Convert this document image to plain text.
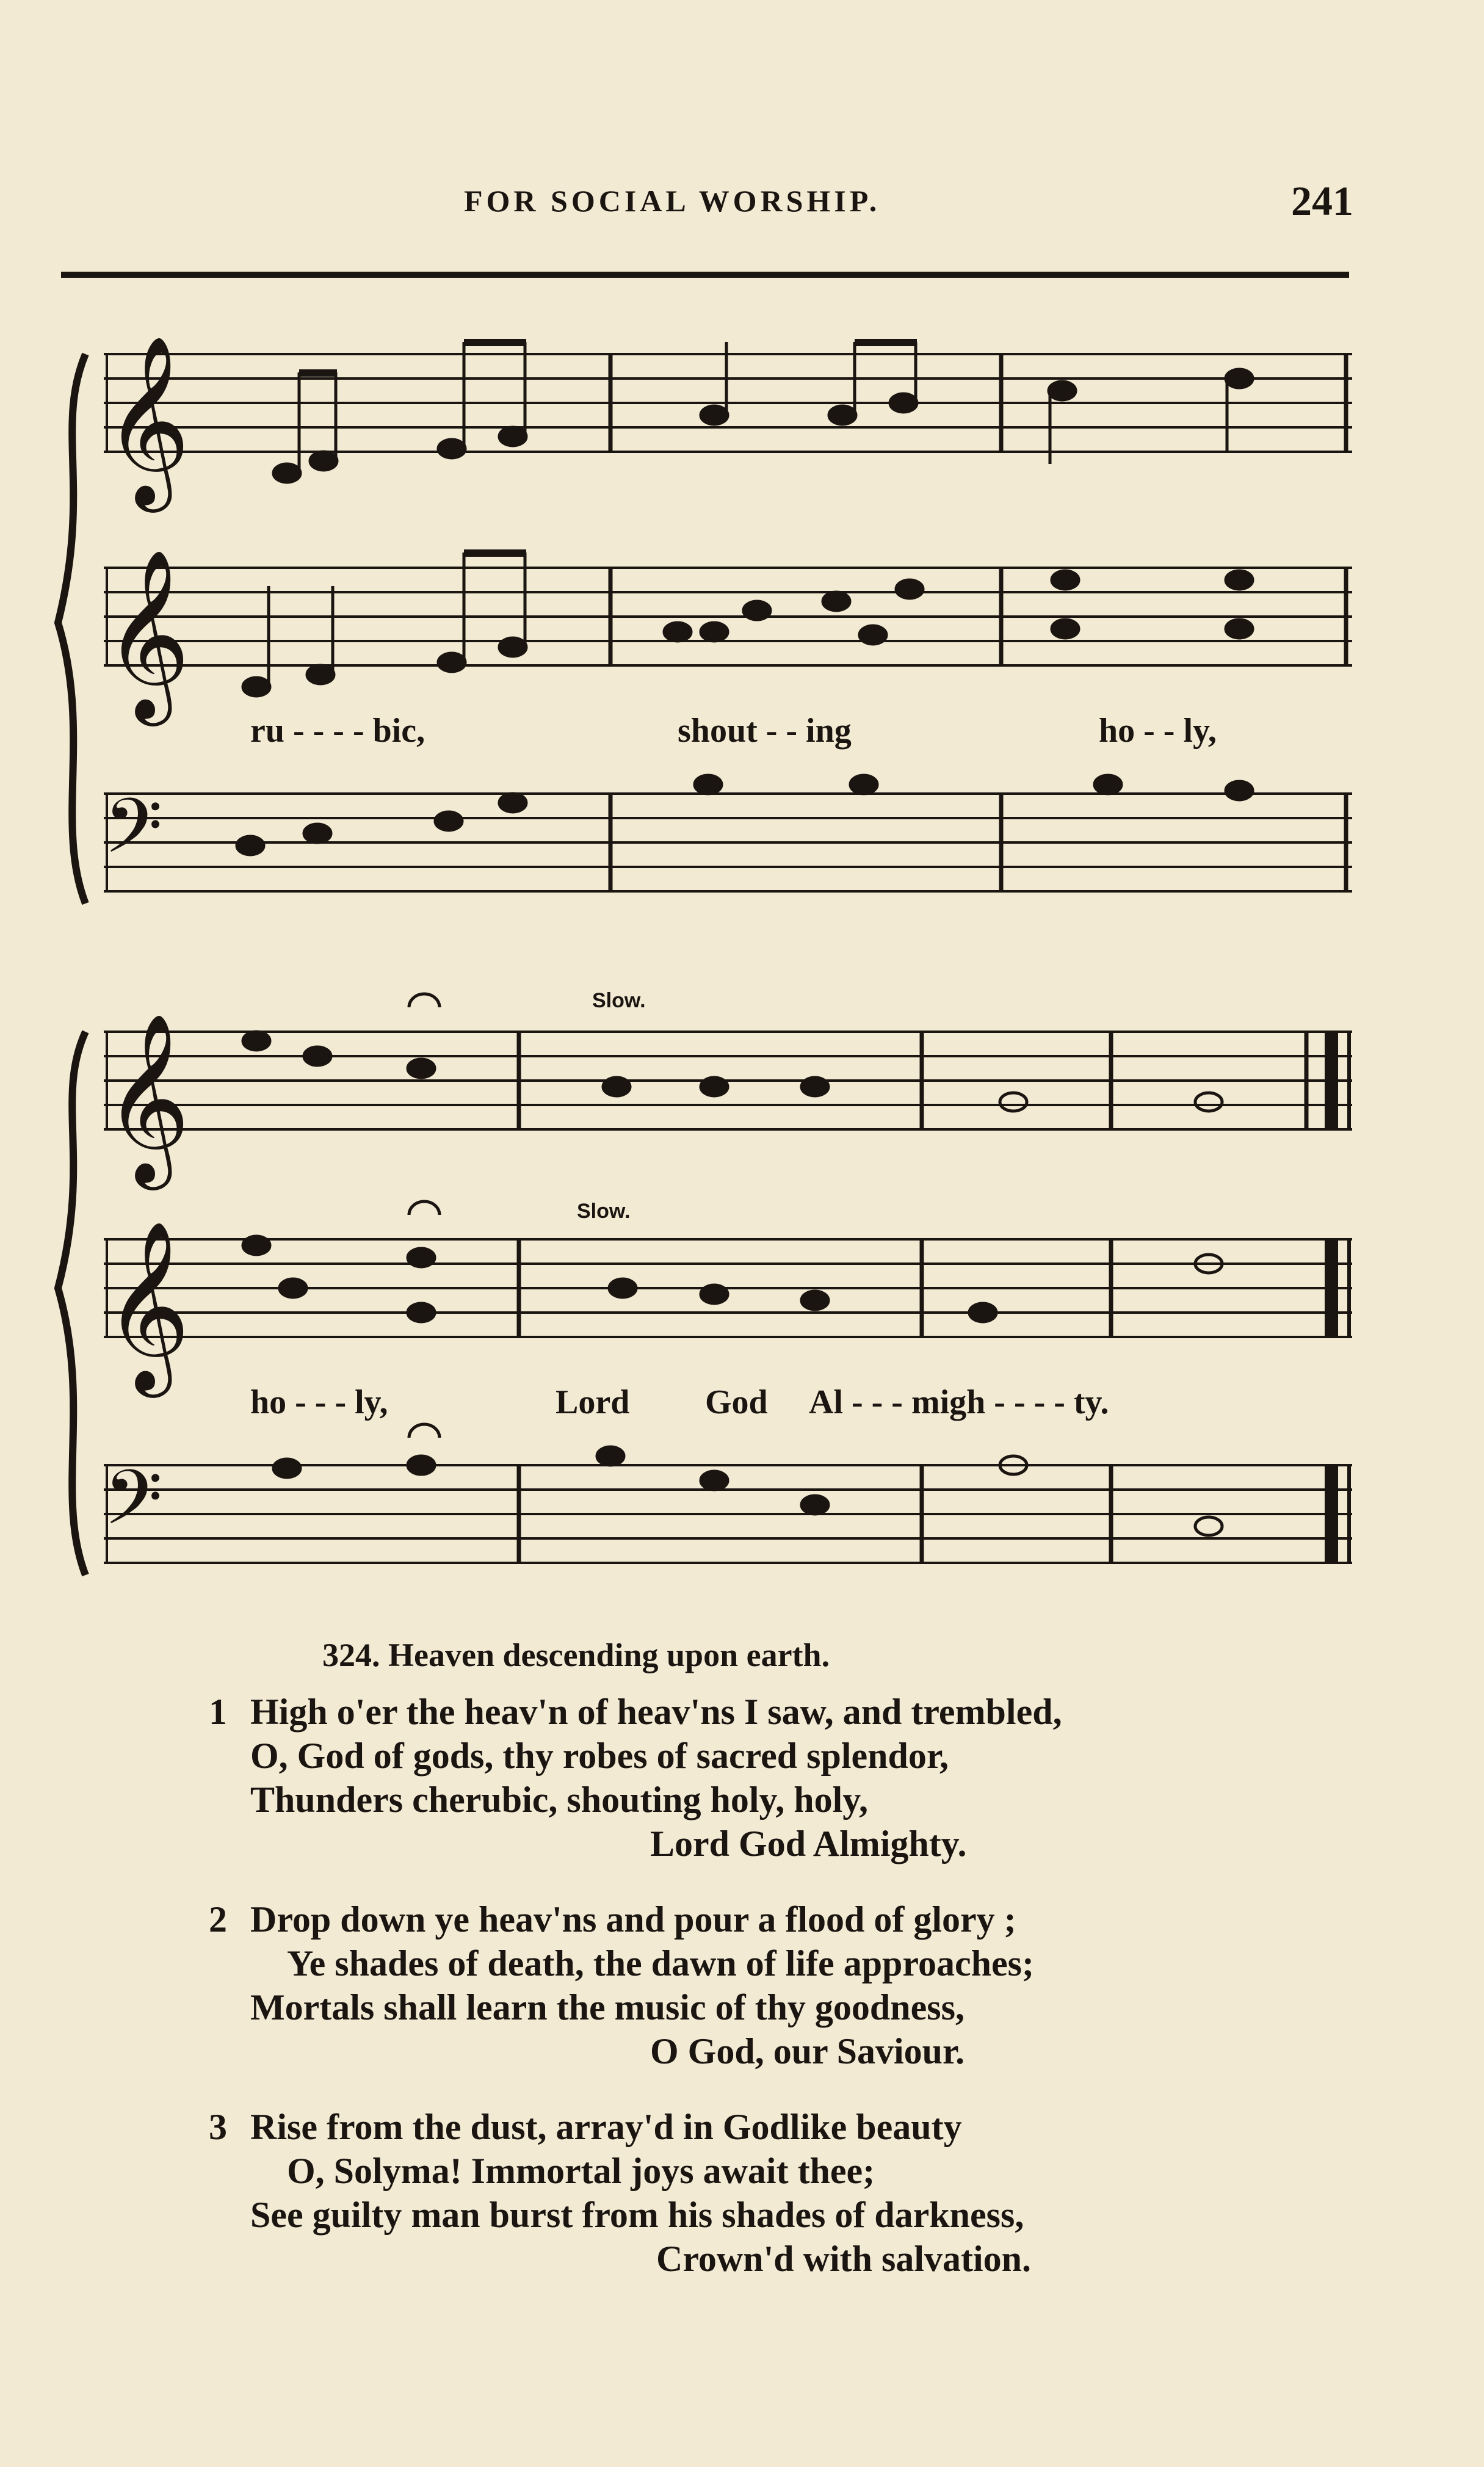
FOR SOCIAL WORSHIP.	241
𝄞
𝄞
𝄢
𝄞
𝄞
𝄢
ru - - - - bic,	shout - - ing	ho - - ly,
Slow.
Slow.
ho - - - ly,	Lord God Al - - - migh - - - - ty.
324. Heaven descending upon earth.
1 High o'er the heav'n of heav'ns I saw, and trembled,
O, God of gods, thy robes of sacred splendor,
Thunders cherubic, shouting holy, holy,
Lord God Almighty.
2 Drop down ye heav'ns and pour a flood of glory ;
Ye shades of death, the dawn of life approaches;
Mortals shall learn the music of thy goodness,
O God, our Saviour.
3 Rise from the dust, array'd in Godlike beauty
O, Solyma! Immortal joys await thee;
See guilty man burst from his shades of darkness,
Crown'd with salvation.
